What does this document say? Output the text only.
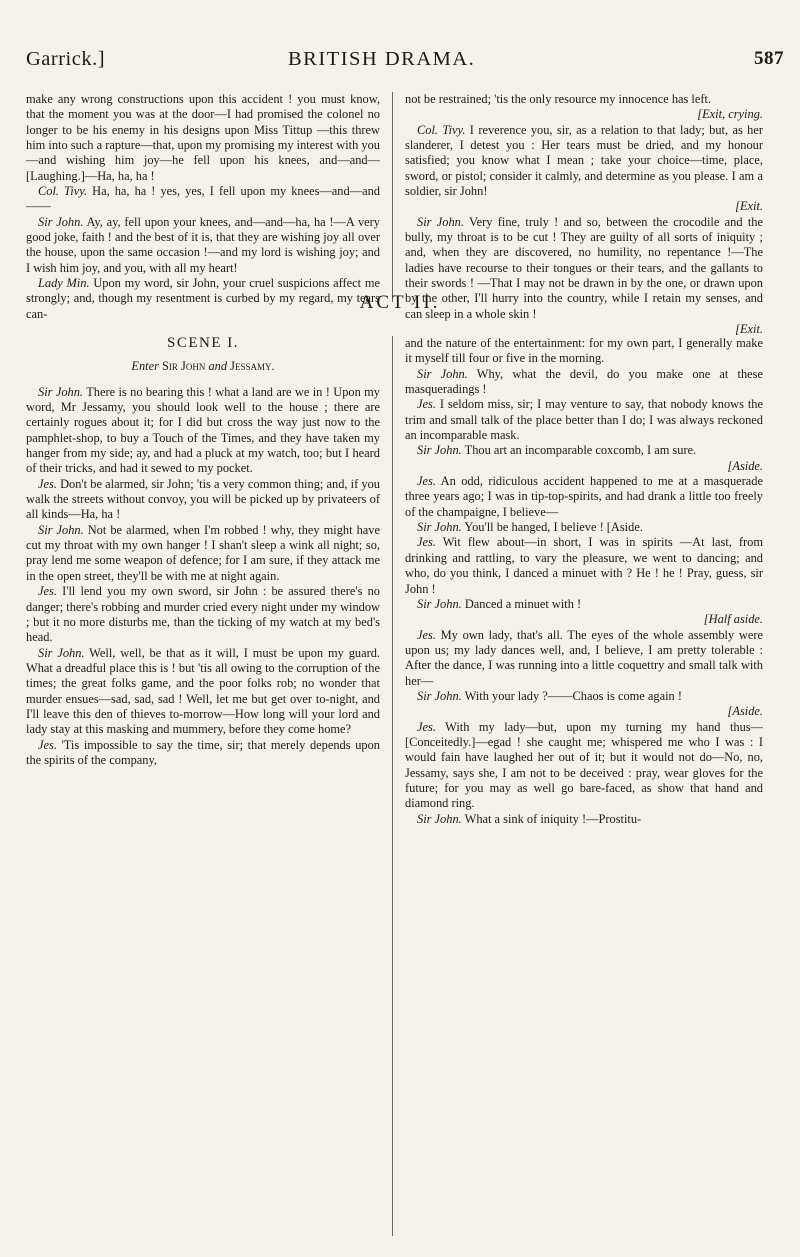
Garrick.]	BRITISH DRAMA.	587

make any wrong constructions upon this accident ! you must know, that the moment you was at the door—I had promised the colonel no longer to be his enemy in his designs upon Miss Tittup —this threw him into such a rapture—that, upon my promising my interest with you—and wishing him joy—he fell upon his knees, and—and— [Laughing.]—Ha, ha, ha !

Col. Tivy. Ha, ha, ha ! yes, yes, I fell upon my knees—and—and——

Sir John. Ay, ay, fell upon your knees, and—and—ha, ha !—A very good joke, faith ! and the best of it is, that they are wishing joy all over the house, upon the same occasion !—and my lord is wishing joy; and I wish him joy, and you, with all my heart!

Lady Min. Upon my word, sir John, your cruel suspicions affect me strongly; and, though my resentment is curbed by my regard, my tears can-

not be restrained; 'tis the only resource my innocence has left.
[Exit, crying.

Col. Tivy. I reverence you, sir, as a relation to that lady; but, as her slanderer, I detest you : Her tears must be dried, and my honour satisfied; you know what I mean ; take your choice—time, place, sword, or pistol; consider it calmly, and determine as you please. I am a soldier, sir John!
[Exit.

Sir John. Very fine, truly ! and so, between the crocodile and the bully, my throat is to be cut ! They are guilty of all sorts of iniquity ; and, when they are discovered, no humility, no repentance !—The ladies have recourse to their tongues or their tears, and the gallants to their swords ! —That I may not be drawn in by the one, or drawn upon by the other, I'll hurry into the country, while I retain my senses, and can sleep in a whole skin !
[Exit.

ACT II.
SCENE I.
Enter Sir John and Jessamy.

Sir John. There is no bearing this ! what a land are we in ! Upon my word, Mr Jessamy, you should look well to the house ; there are certainly rogues about it; for I did but cross the way just now to the pamphlet-shop, to buy a Touch of the Times, and they have taken my hanger from my side; ay, and had a pluck at my watch, too; but I heard of their tricks, and had it sewed to my pocket.

Jes. Don't be alarmed, sir John; 'tis a very common thing; and, if you walk the streets without convoy, you will be picked up by privateers of all kinds—Ha, ha !

Sir John. Not be alarmed, when I'm robbed ! why, they might have cut my throat with my own hanger ! I shan't sleep a wink all night; so, pray lend me some weapon of defence; for I am sure, if they attack me in the open street, they'll be with me at night again.

Jes. I'll lend you my own sword, sir John : be assured there's no danger; there's robbing and murder cried every night under my window ; but it no more disturbs me, than the ticking of my watch at my bed's head.

Sir John. Well, well, be that as it will, I must be upon my guard. What a dreadful place this is ! but 'tis all owing to the corruption of the times; the great folks game, and the poor folks rob; no wonder that murder ensues—sad, sad, sad ! Well, let me but get over to-night, and I'll leave this den of thieves to-morrow—How long will your lord and lady stay at this masking and mummery, before they come home?

Jes. 'Tis impossible to say the time, sir; that merely depends upon the spirits of the company,

and the nature of the entertainment: for my own part, I generally make it myself till four or five in the morning.

Sir John. Why, what the devil, do you make one at these masqueradings !

Jes. I seldom miss, sir; I may venture to say, that nobody knows the trim and small talk of the place better than I do; I was always reckoned an incomparable mask.

Sir John. Thou art an incomparable coxcomb, I am sure.
[Aside.

Jes. An odd, ridiculous accident happened to me at a masquerade three years ago; I was in tip-top-spirits, and had drank a little too freely of the champaigne, I believe—

Sir John. You'll be hanged, I believe ! [Aside.

Jes. Wit flew about—in short, I was in spirits —At last, from drinking and rattling, to vary the pleasure, we went to dancing; and who, do you think, I danced a minuet with ? He ! he ! Pray, guess, sir John !

Sir John. Danced a minuet with !
[Half aside.

Jes. My own lady, that's all. The eyes of the whole assembly were upon us; my lady dances well, and, I believe, I am pretty tolerable : After the dance, I was running into a little coquettry and small talk with her—

Sir John. With your lady ?——Chaos is come again !
[Aside.

Jes. With my lady—but, upon my turning my hand thus—[Conceitedly.]—egad ! she caught me; whispered me who I was : I would fain have laughed her out of it; but it would not do—No, no, Jessamy, says she, I am not to be deceived : pray, wear gloves for the future; for you may as well go bare-faced, as show that hand and diamond ring.

Sir John. What a sink of iniquity !—Prostitu-
